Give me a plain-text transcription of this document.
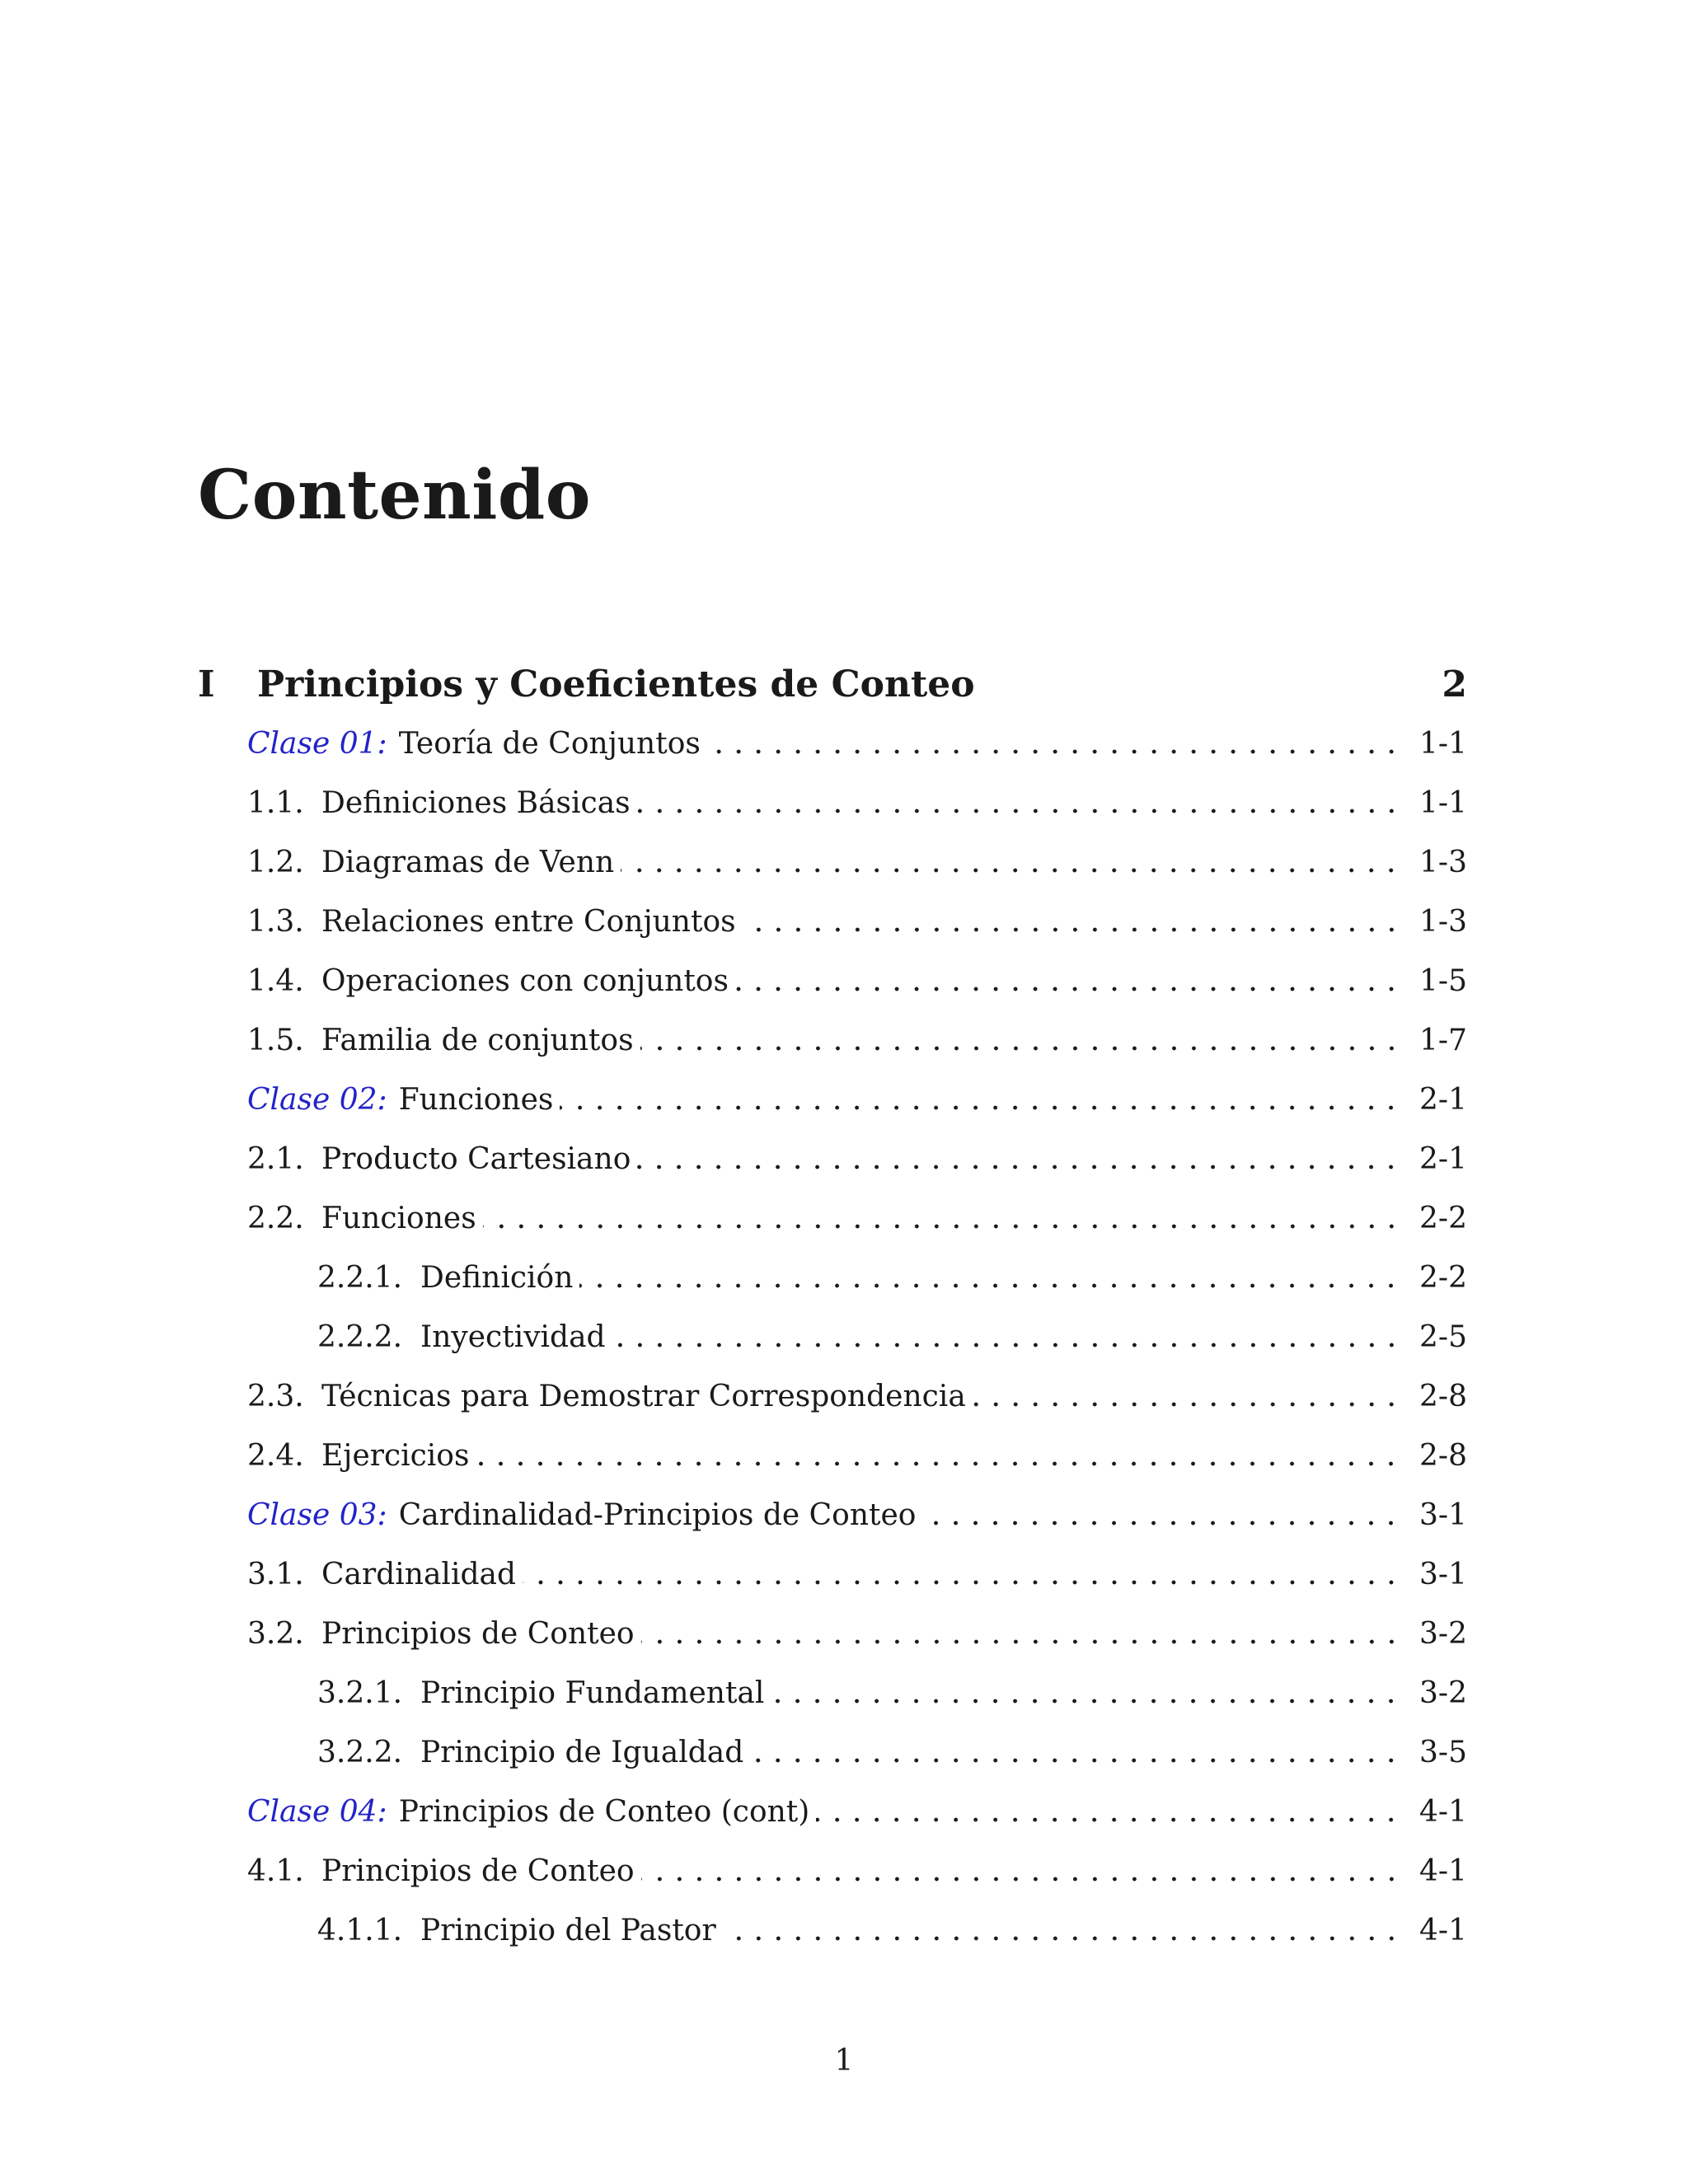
Contenido
I	Principios y Coeficientes de Conteo	2
Clase 01: Teoría de Conjuntos	1-1
1.1. Definiciones Básicas	1-1
1.2. Diagramas de Venn	1-3
1.3. Relaciones entre Conjuntos	1-3
1.4. Operaciones con conjuntos	1-5
1.5. Familia de conjuntos	1-7
Clase 02: Funciones	2-1
2.1. Producto Cartesiano	2-1
2.2. Funciones	2-2
2.2.1. Definición	2-2
2.2.2. Inyectividad	2-5
2.3. Técnicas para Demostrar Correspondencia	2-8
2.4. Ejercicios	2-8
Clase 03: Cardinalidad-Principios de Conteo	3-1
3.1. Cardinalidad	3-1
3.2. Principios de Conteo	3-2
3.2.1. Principio Fundamental	3-2
3.2.2. Principio de Igualdad	3-5
Clase 04: Principios de Conteo (cont)	4-1
4.1. Principios de Conteo	4-1
4.1.1. Principio del Pastor	4-1
1
